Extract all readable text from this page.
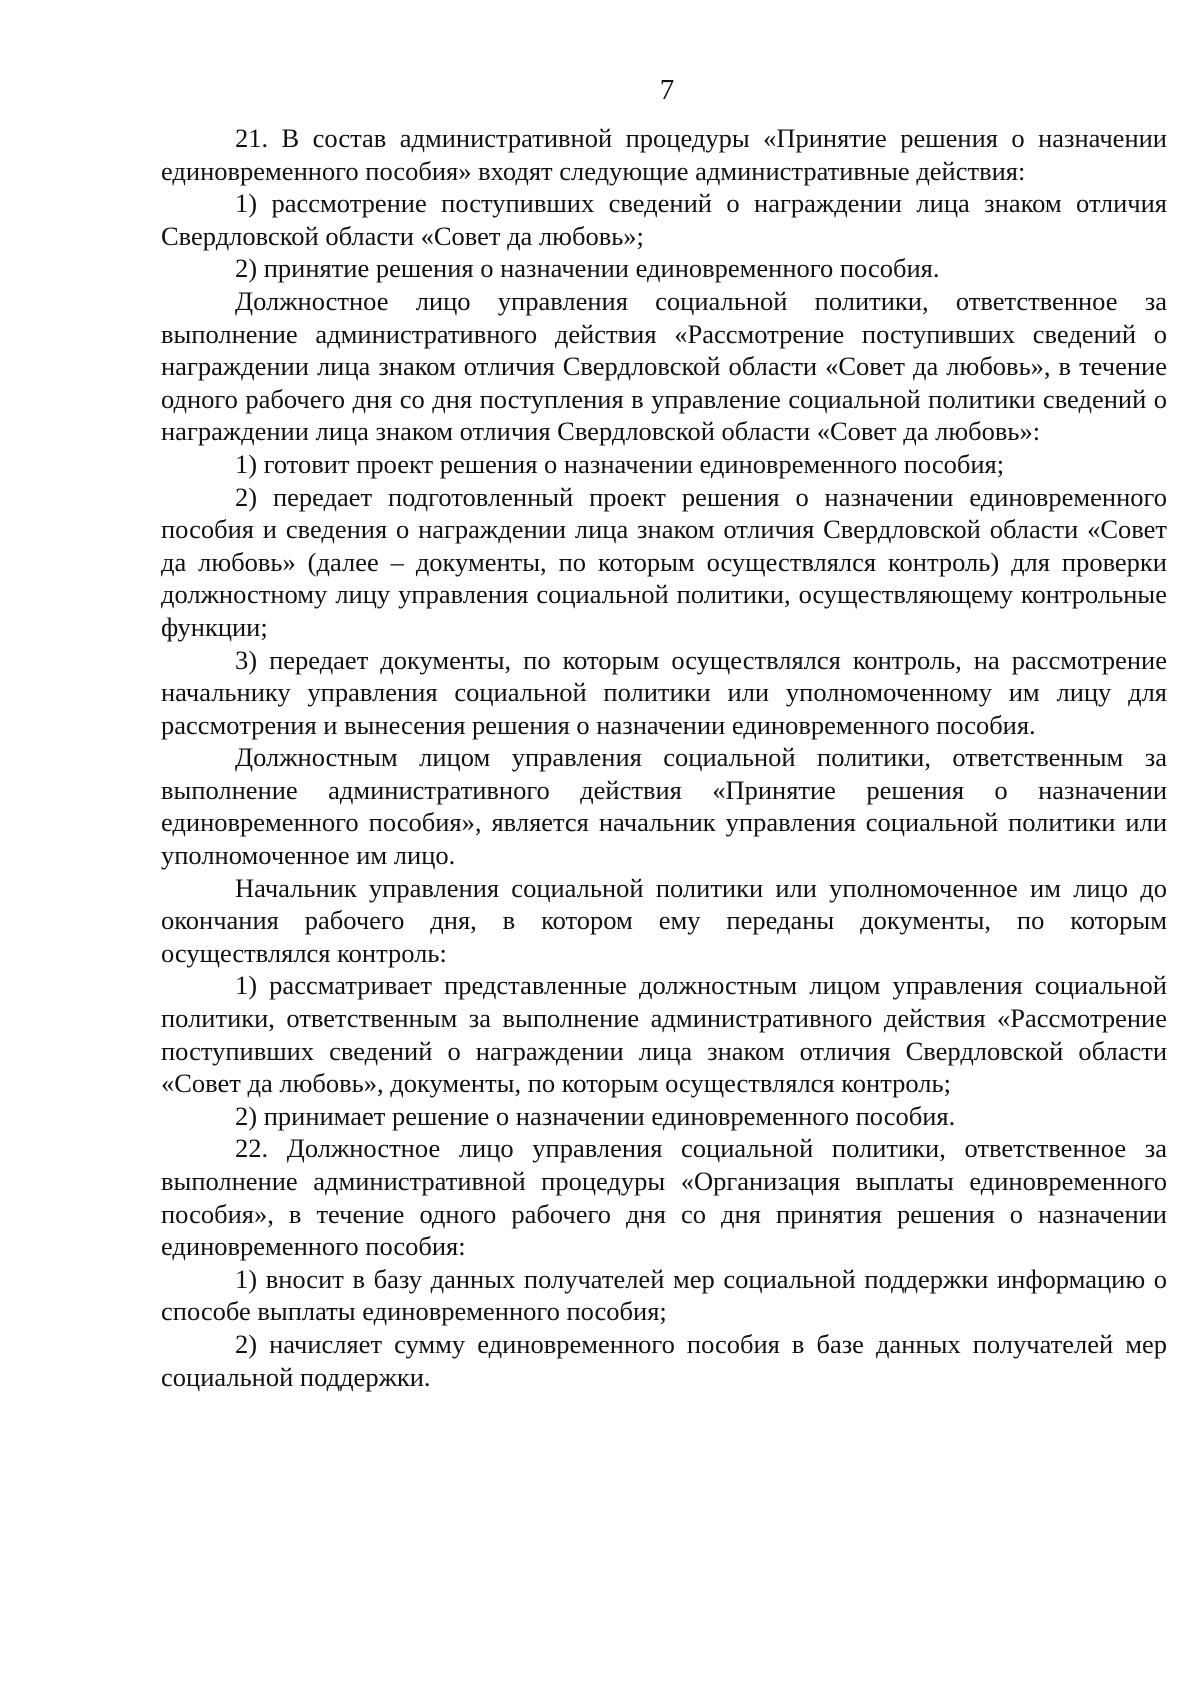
7

21. В состав административной процедуры «Принятие решения о назначении единовременного пособия» входят следующие административные действия:

1) рассмотрение поступивших сведений о награждении лица знаком отличия Свердловской области «Совет да любовь»;

2) принятие решения о назначении единовременного пособия.

Должностное лицо управления социальной политики, ответственное за выполнение административного действия «Рассмотрение поступивших сведений о награждении лица знаком отличия Свердловской области «Совет да любовь», в течение одного рабочего дня со дня поступления в управление социальной политики сведений о награждении лица знаком отличия Свердловской области «Совет да любовь»:

1) готовит проект решения о назначении единовременного пособия;

2) передает подготовленный проект решения о назначении единовременного пособия и сведения о награждении лица знаком отличия Свердловской области «Совет да любовь» (далее – документы, по которым осуществлялся контроль) для проверки должностному лицу управления социальной политики, осуществляющему контрольные функции;

3) передает документы, по которым осуществлялся контроль, на рассмотрение начальнику управления социальной политики или уполномоченному им лицу для рассмотрения и вынесения решения о назначении единовременного пособия.

Должностным лицом управления социальной политики, ответственным за выполнение административного действия «Принятие решения о назначении единовременного пособия», является начальник управления социальной политики или уполномоченное им лицо.

Начальник управления социальной политики или уполномоченное им лицо до окончания рабочего дня, в котором ему переданы документы, по которым осуществлялся контроль:

1) рассматривает представленные должностным лицом управления социальной политики, ответственным за выполнение административного действия «Рассмотрение поступивших сведений о награждении лица знаком отличия Свердловской области «Совет да любовь», документы, по которым осуществлялся контроль;

2) принимает решение о назначении единовременного пособия.

22. Должностное лицо управления социальной политики, ответственное за выполнение административной процедуры «Организация выплаты единовременного пособия», в течение одного рабочего дня со дня принятия решения о назначении единовременного пособия:

1) вносит в базу данных получателей мер социальной поддержки информацию о способе выплаты единовременного пособия;

2) начисляет сумму единовременного пособия в базе данных получателей мер социальной поддержки.
